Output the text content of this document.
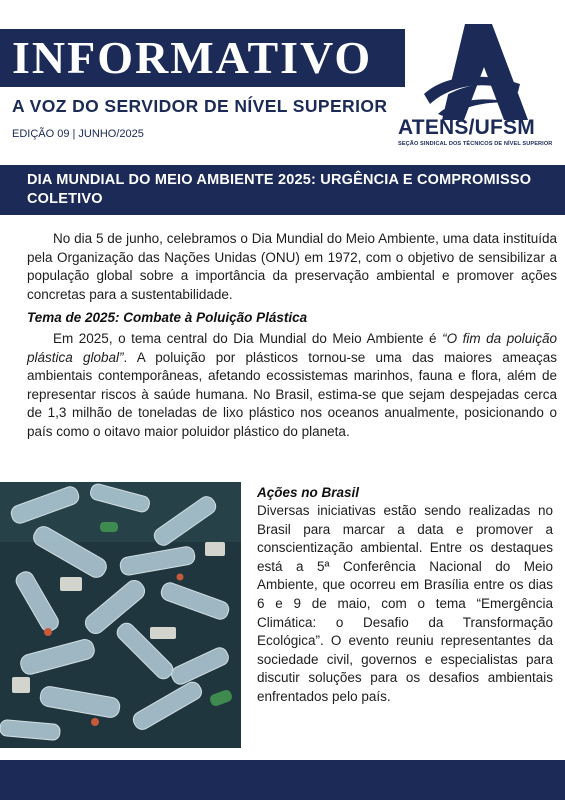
INFORMATIVO
A VOZ DO SERVIDOR DE NÍVEL SUPERIOR
EDIÇÃO 09 | JUNHO/2025	ATENS/UFSM
SEÇÃO SINDICAL DOS TÉCNICOS DE NÍVEL SUPERIOR
DIA MUNDIAL DO MEIO AMBIENTE 2025: URGÊNCIA E COMPROMISSO COLETIVO

No dia 5 de junho, celebramos o Dia Mundial do Meio Ambiente, uma data instituída pela Organização das Nações Unidas (ONU) em 1972, com o objetivo de sensibilizar a população global sobre a importância da preservação ambiental e promover ações concretas para a sustentabilidade.

Tema de 2025: Combate à Poluição Plástica

Em 2025, o tema central do Dia Mundial do Meio Ambiente é “O fim da poluição plástica global”. A poluição por plásticos tornou-se uma das maiores ameaças ambientais contemporâneas, afetando ecossistemas marinhos, fauna e flora, além de representar riscos à saúde humana. No Brasil, estima-se que sejam despejadas cerca de 1,3 milhão de toneladas de lixo plástico nos oceanos anualmente, posicionando o país como o oitavo maior poluidor plástico do planeta.

Ações no Brasil

Diversas iniciativas estão sendo realizadas no Brasil para marcar a data e promover a conscientização ambiental. Entre os destaques está a 5ª Conferência Nacional do Meio Ambiente, que ocorreu em Brasília entre os dias 6 e 9 de maio, com o tema “Emergência Climática: o Desafio da Transformação Ecológica”. O evento reuniu representantes da sociedade civil, governos e especialistas para discutir soluções para os desafios ambientais enfrentados pelo país.
